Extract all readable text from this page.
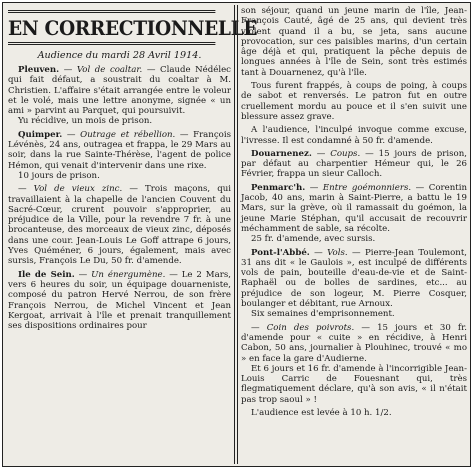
EN CORRECTIONNELLE
Audience du mardi 28 Avril 1914.

Pleuven. — Vol de coaltar. — Claude Nédélec qui fait défaut, a soustrait du coaltar à M. Christien. L'affaire s'était arrangée entre le voleur et le volé, mais une lettre anonyme, signée « un ami » parvint au Parquet, qui poursuivit.
Yu récidive, un mois de prison.

Quimper. — Outrage et rébellion. — François Lévénès, 24 ans, outragea et frappa, le 29 Mars au soir, dans la rue Sainte-Thérèse, l'agent de police Hémon, qui venait d'intervenir dans une rixe.
10 jours de prison.

— Vol de vieux zinc. — Trois maçons, qui travaillaient à la chapelle de l'ancien Couvent du Sacré-Cœur, crurent pouvoir s'approprier, au préjudice de la Ville, pour la revendre 7 fr. à une brocanteuse, des morceaux de vieux zinc, déposés dans une cour. Jean-Louis Le Goff attrape 6 jours, Yves Quéméner, 6 jours, également, mais avec sursis, François Le Du, 50 fr. d'amende.

Ile de Sein. — Un énergumène. — Le 2 Mars, vers 6 heures du soir, un équipage douarneniste, composé du patron Hervé Nerrou, de son frère François Nerrou, de Michel Vincent et Jean Kergoat, arrivait à l'île et prenait tranquillement ses dispositions ordinaires pour

son séjour, quand un jeune marin de l'île, Jean-François Cauté, âgé de 25 ans, qui devient très violent quand il a bu, se jeta, sans aucune provocation, sur ces paisibles marins, d'un certain âge déjà et qui, pratiquent la pêche depuis de longues années à l'île de Sein, sont très estimés tant à Douarnenez, qu'à l'île.

Tous furent frappés, à coups de poing, à coups de sabot et renversés. Le patron fut en outre cruellement mordu au pouce et il s'en suivit une blessure assez grave.

A l'audience, l'inculpé invoque comme excuse, l'ivresse. Il est condamné à 50 fr. d'amende.

Douarnenez. — Coups. — 15 jours de prison, par défaut au charpentier Hémeur qui, le 26 Février, frappa un sieur Calloch.

Penmarc'h. — Entre goémonniers. — Corentin Jacob, 40 ans, marin à Saint-Pierre, a battu le 19 Mars, sur la grève, où il ramassait du goémon, la jeune Marie Stéphan, qu'il accusait de recouvrir méchamment de sable, sa récolte.
25 fr. d'amende, avec sursis.

Pont-l'Abbé. — Vols. — Pierre-Jean Toulemont, 31 ans dit « le Gaulois », est inculpé de différents vols de pain, bouteille d'eau-de-vie et de Saint-Raphaël ou de bolles de sardines, etc... au préjudice de son logeur, M. Pierre Cosquer, boulanger et débitant, rue Arnoux.
Six semaines d'emprisonnement.

— Coin des poivrots. — 15 jours et 30 fr. d'amende pour « cuite » en récidive, à Henri Cabon, 50 ans, journalier à Plouhinec, trouvé « mo » en face la gare d'Audierne.
Et 6 jours et 16 fr. d'amende à l'incorrigible Jean-Louis Carric de Fouesnant qui, très flegmatiquement déclare, qu'à son avis, « il n'était pas trop saoul » !

L'audience est levée à 10 h. 1/2.
